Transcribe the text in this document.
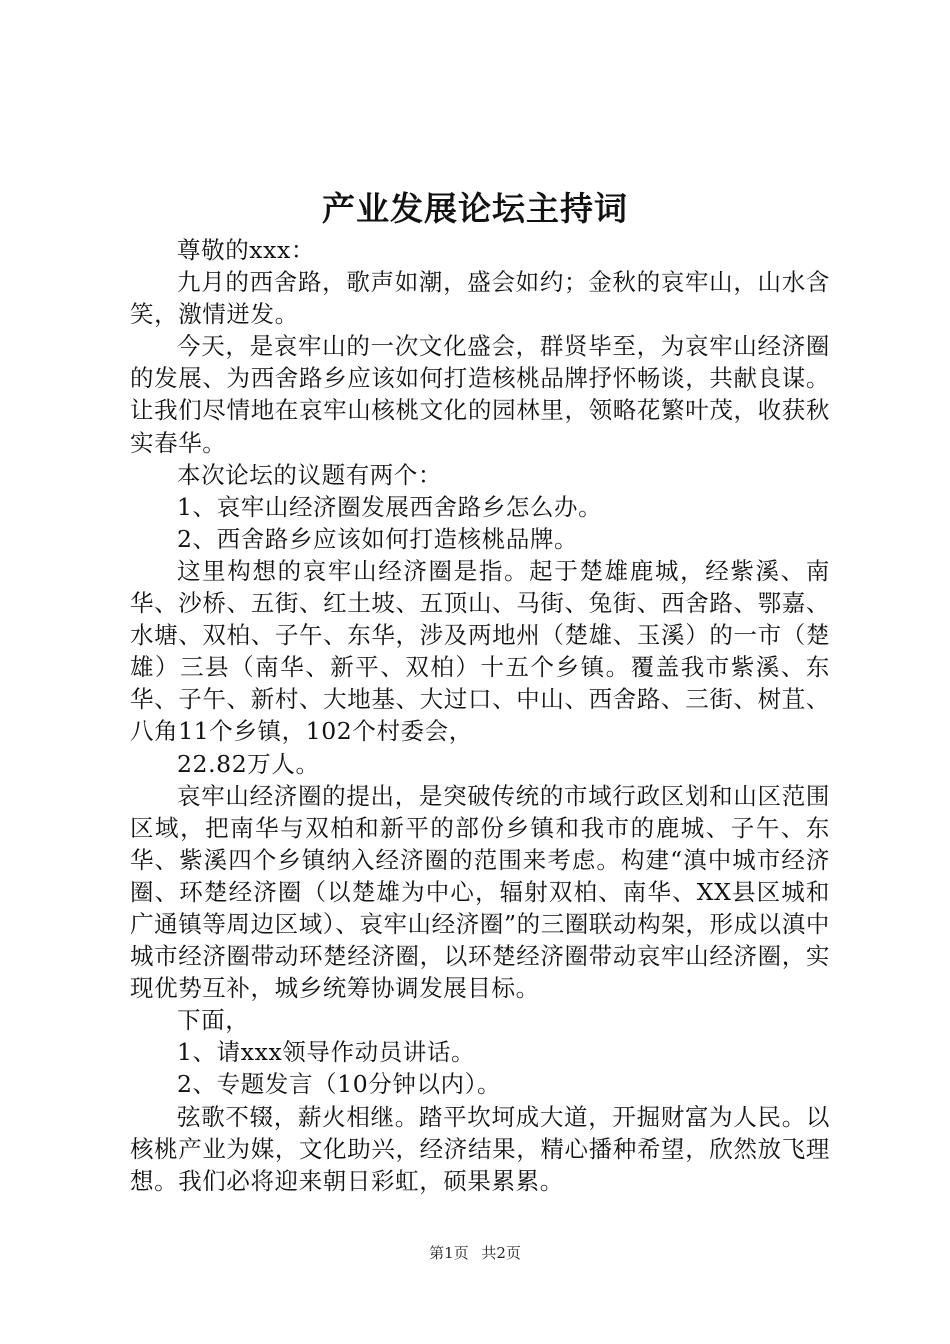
产业发展论坛主持词

尊敬的xxx：

九月的西舍路，歌声如潮，盛会如约；金秋的哀牢山，山水含笑，激情迸发。

今天，是哀牢山的一次文化盛会，群贤毕至，为哀牢山经济圈的发展、为西舍路乡应该如何打造核桃品牌抒怀畅谈，共献良谋。让我们尽情地在哀牢山核桃文化的园林里，领略花繁叶茂，收获秋实春华。

本次论坛的议题有两个：

1、哀牢山经济圈发展西舍路乡怎么办。

2、西舍路乡应该如何打造核桃品牌。

这里构想的哀牢山经济圈是指。起于楚雄鹿城，经紫溪、南华、沙桥、五街、红土坡、五顶山、马街、兔街、西舍路、鄂嘉、水塘、双柏、子午、东华，涉及两地州（楚雄、玉溪）的一市（楚雄）三县（南华、新平、双柏）十五个乡镇。覆盖我市紫溪、东华、子午、新村、大地基、大过口、中山、西舍路、三街、树苴、八角11个乡镇，102个村委会，

22.82万人。

哀牢山经济圈的提出，是突破传统的市域行政区划和山区范围区域，把南华与双柏和新平的部份乡镇和我市的鹿城、子午、东华、紫溪四个乡镇纳入经济圈的范围来考虑。构建“滇中城市经济圈、环楚经济圈（以楚雄为中心，辐射双柏、南华、XX县区城和广通镇等周边区域）、哀牢山经济圈”的三圈联动构架，形成以滇中城市经济圈带动环楚经济圈，以环楚经济圈带动哀牢山经济圈，实现优势互补，城乡统筹协调发展目标。

下面，

1、请xxx领导作动员讲话。

2、专题发言（10分钟以内）。

弦歌不辍，薪火相继。踏平坎坷成大道，开掘财富为人民。以核桃产业为媒，文化助兴，经济结果，精心播种希望，欣然放飞理想。我们必将迎来朝日彩虹，硕果累累。

第1页 共2页
